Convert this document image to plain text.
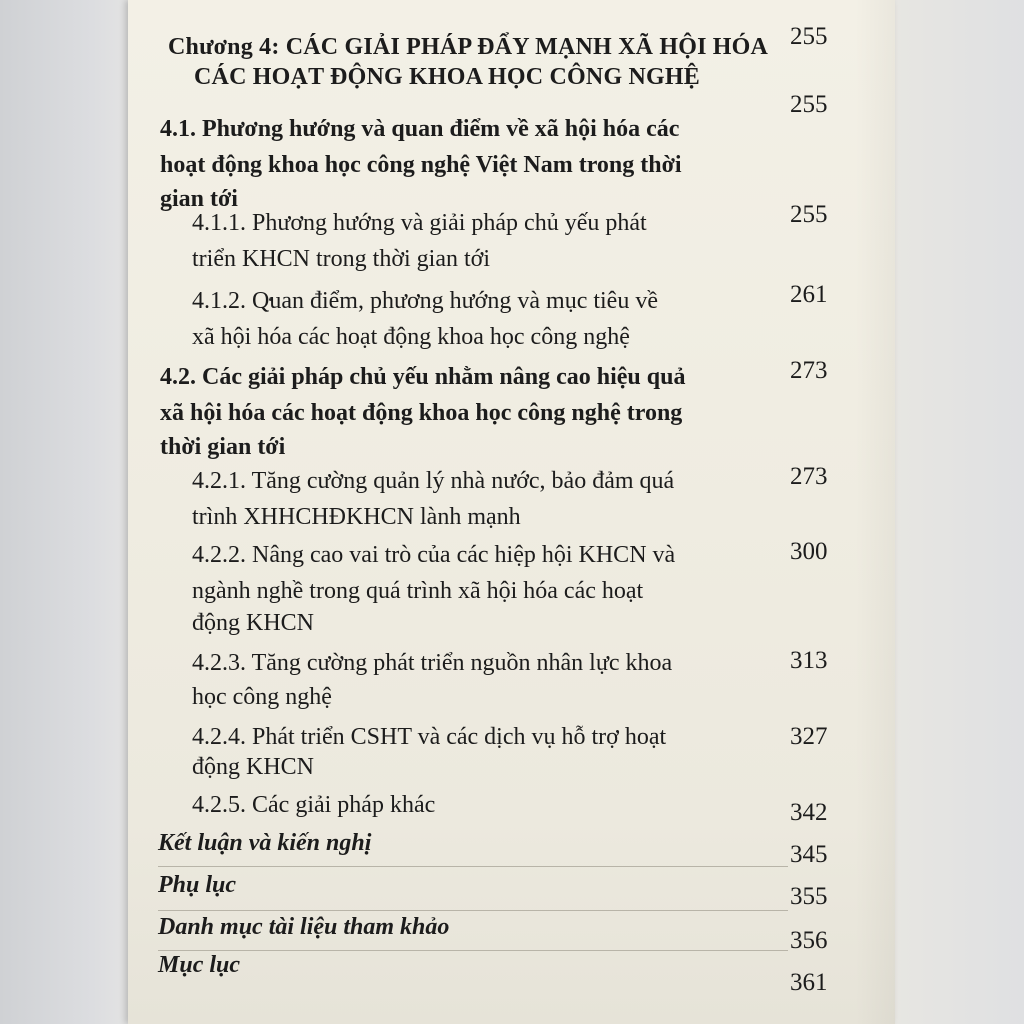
Chương 4: CÁC GIẢI PHÁP ĐẨY MẠNH XÃ HỘI HÓA
CÁC HOẠT ĐỘNG KHOA HỌC CÔNG NGHỆ
255
4.1. Phương hướng và quan điểm về xã hội hóa các
hoạt động khoa học công nghệ Việt Nam trong thời
gian tới
255
4.1.1. Phương hướng và giải pháp chủ yếu phát
triển KHCN trong thời gian tới
255
4.1.2. Quan điểm, phương hướng và mục tiêu về
xã hội hóa các hoạt động khoa học công nghệ
261
4.2. Các giải pháp chủ yếu nhằm nâng cao hiệu quả
xã hội hóa các hoạt động khoa học công nghệ trong
thời gian tới
273
4.2.1. Tăng cường quản lý nhà nước, bảo đảm quá
trình XHHCHĐKHCN lành mạnh
273
4.2.2. Nâng cao vai trò của các hiệp hội KHCN và
ngành nghề trong quá trình xã hội hóa các hoạt
động KHCN
300
4.2.3. Tăng cường phát triển nguồn nhân lực khoa
học công nghệ
313
4.2.4. Phát triển CSHT và các dịch vụ hỗ trợ hoạt
động KHCN
327
4.2.5. Các giải pháp khác	342
Kết luận và kiến nghị	345
Phụ lục	355
Danh mục tài liệu tham khảo	356
Mục lục
361
